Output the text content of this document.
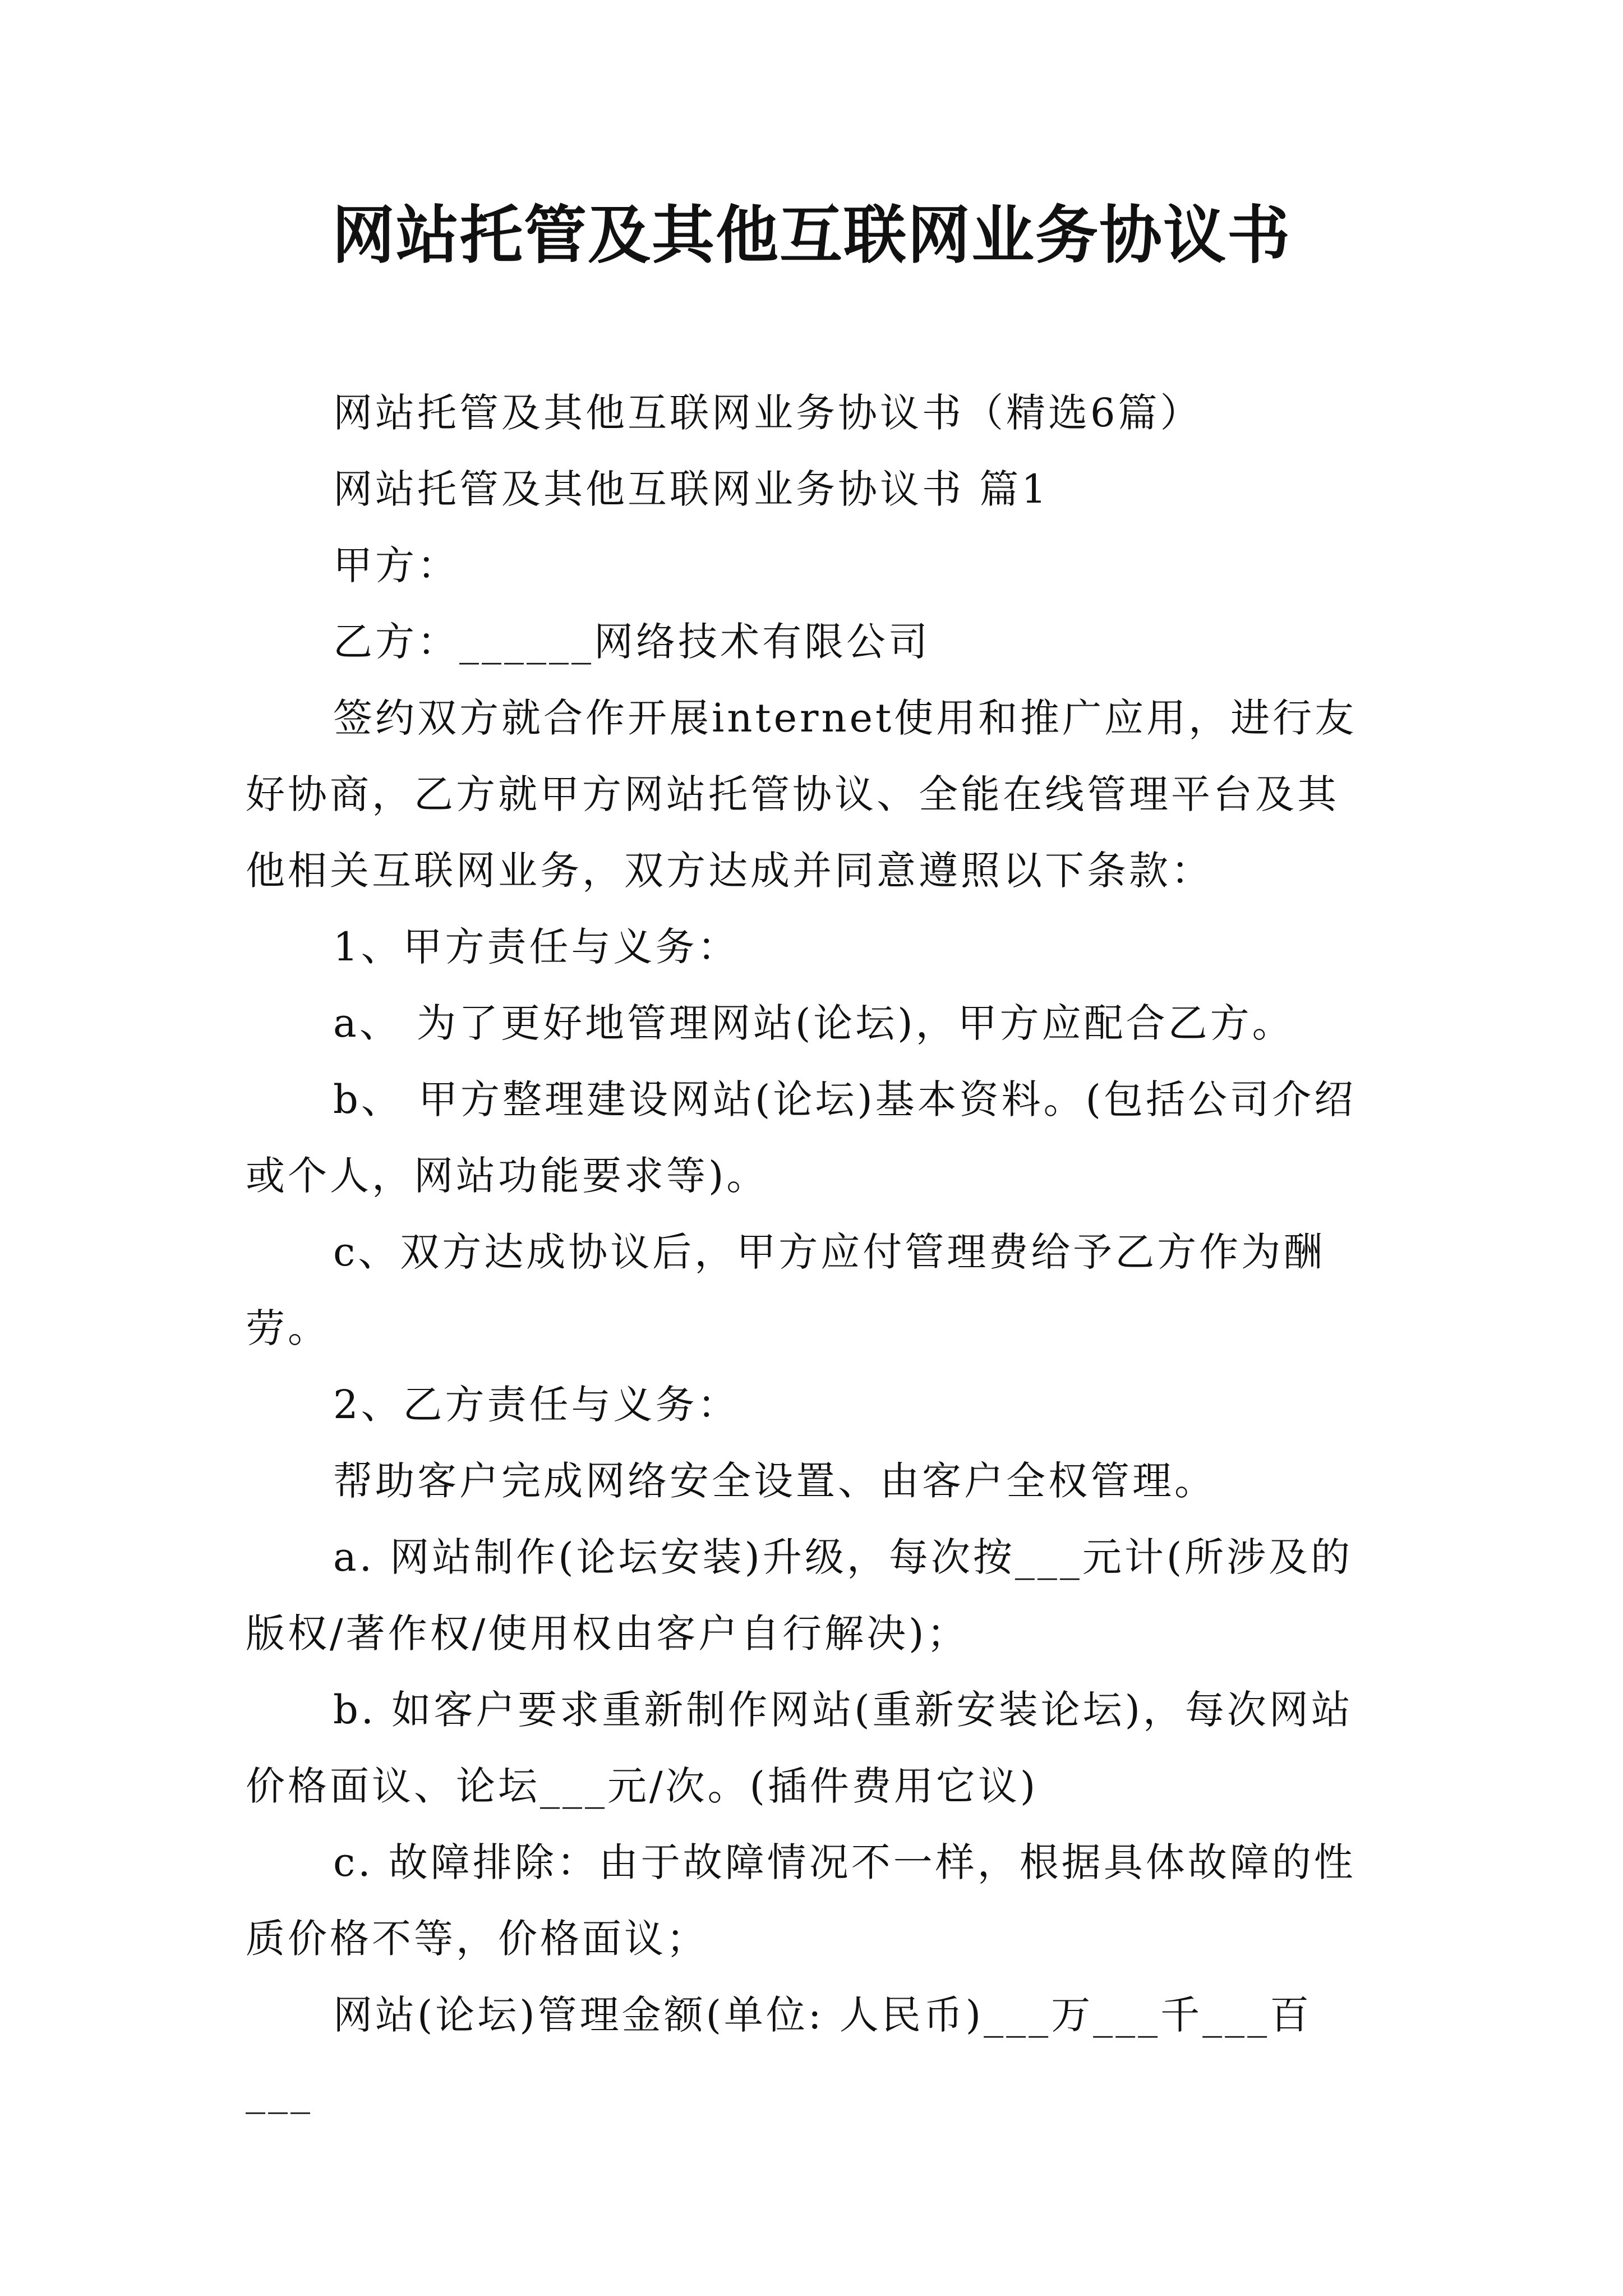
网站托管及其他互联网业务协议书

网站托管及其他互联网业务协议书（精选6篇）

网站托管及其他互联网业务协议书 篇1

甲方：

乙方：______网络技术有限公司

签约双方就合作开展internet使用和推广应用，进行友好协商，乙方就甲方网站托管协议、全能在线管理平台及其他相关互联网业务，双方达成并同意遵照以下条款：

1、甲方责任与义务：

a、 为了更好地管理网站(论坛)，甲方应配合乙方。

b、 甲方整理建设网站(论坛)基本资料。(包括公司介绍或个人，网站功能要求等)。

c、双方达成协议后，甲方应付管理费给予乙方作为酬劳。

2、乙方责任与义务：

帮助客户完成网络安全设置、由客户全权管理。

a. 网站制作(论坛安装)升级，每次按___元计(所涉及的版权/著作权/使用权由客户自行解决)；

b. 如客户要求重新制作网站(重新安装论坛)，每次网站价格面议、论坛___元/次。(插件费用它议)

c. 故障排除：由于故障情况不一样，根据具体故障的性质价格不等，价格面议；

网站(论坛)管理金额(单位: 人民币)___万___千___百___
